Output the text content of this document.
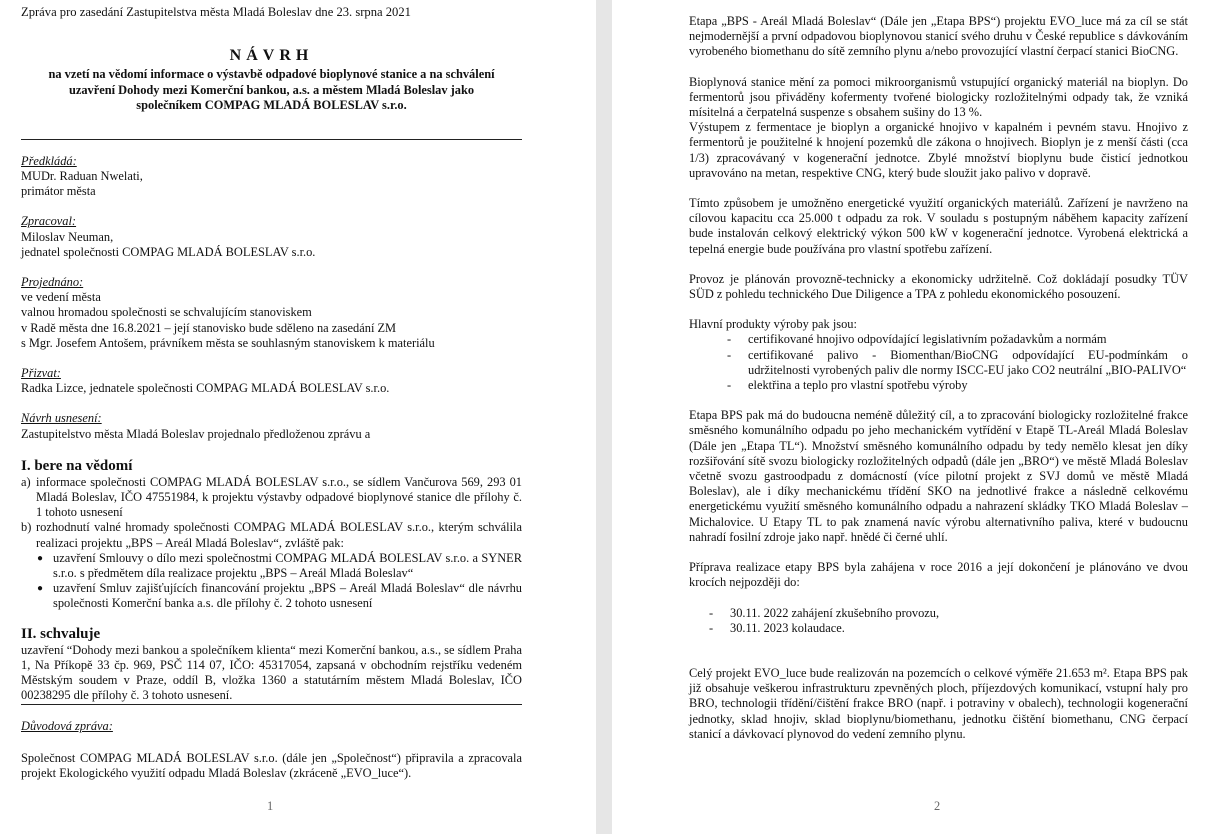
Zpráva pro zasedání Zastupitelstva města Mladá Boleslav dne 23. srpna 2021

NÁVRH

na vzetí na vědomí informace o výstavbě odpadové bioplynové stanice a na schválení

uzavření Dohody mezi Komerční bankou, a.s. a městem Mladá Boleslav jako

společníkem COMPAG MLADÁ BOLESLAV s.r.o.

Předkládá:

MUDr. Raduan Nwelati,

primátor města

Zpracoval:

Miloslav Neuman,

jednatel společnosti COMPAG MLADÁ BOLESLAV s.r.o.

Projednáno:

ve vedení města

valnou hromadou společnosti se schvalujícím stanoviskem

v Radě města dne 16.8.2021 – její stanovisko bude sděleno na zasedání ZM

s Mgr. Josefem Antošem, právníkem města se souhlasným stanoviskem k materiálu

Přizvat:

Radka Lizce, jednatele společnosti COMPAG MLADÁ BOLESLAV s.r.o.

Návrh usnesení:

Zastupitelstvo města Mladá Boleslav projednalo předloženou zprávu a

I. bere na vědomí

a) informace společnosti COMPAG MLADÁ BOLESLAV s.r.o., se sídlem Vančurova 569, 293 01 Mladá Boleslav, IČO 47551984, k projektu výstavby odpadové bioplynové stanice dle přílohy č. 1 tohoto usnesení
b) rozhodnutí valné hromady společnosti COMPAG MLADÁ BOLESLAV s.r.o., kterým schválila realizaci projektu „BPS – Areál Mladá Boleslav“, zvláště pak:
● uzavření Smlouvy o dílo mezi společnostmi COMPAG MLADÁ BOLESLAV s.r.o. a SYNER s.r.o. s předmětem díla realizace projektu „BPS – Areál Mladá Boleslav“
● uzavření Smluv zajišťujících financování projektu „BPS – Areál Mladá Boleslav“ dle návrhu společnosti Komerční banka a.s. dle přílohy č. 2 tohoto usnesení

II. schvaluje

uzavření “Dohody mezi bankou a společníkem klienta“ mezi Komerční bankou, a.s., se sídlem Praha 1, Na Příkopě 33 čp. 969, PSČ 114 07, IČO: 45317054, zapsaná v obchodním rejstříku vedeném Městským soudem v Praze, oddíl B, vložka 1360 a statutárním městem Mladá Boleslav, IČO 00238295 dle přílohy č. 3 tohoto usnesení.

Důvodová zpráva:

Společnost COMPAG MLADÁ BOLESLAV s.r.o. (dále jen „Společnost“) připravila a zpracovala projekt Ekologického využití odpadu Mladá Boleslav (zkráceně „EVO_luce“).

1

Etapa „BPS - Areál Mladá Boleslav“ (Dále jen „Etapa BPS“) projektu EVO_luce má za cíl se stát nejmodernější a první odpadovou bioplynovou stanicí svého druhu v České republice s dávkováním vyrobeného biomethanu do sítě zemního plynu a/nebo provozující vlastní čerpací stanici BioCNG.

Bioplynová stanice mění za pomoci mikroorganismů vstupující organický materiál na bioplyn. Do fermentorů jsou přiváděny kofermenty tvořené biologicky rozložitelnými odpady tak, že vzniká mísitelná a čerpatelná suspenze s obsahem sušiny do 13 %.

Výstupem z fermentace je bioplyn a organické hnojivo v kapalném i pevném stavu. Hnojivo z fermentorů je použitelné k hnojení pozemků dle zákona o hnojivech. Bioplyn je z menší části (cca 1/3) zpracovávaný v kogenerační jednotce. Zbylé množství bioplynu bude čisticí jednotkou upravováno na metan, respektive CNG, který bude sloužit jako palivo v dopravě.

Tímto způsobem je umožněno energetické využití organických materiálů. Zařízení je navrženo na cílovou kapacitu cca 25.000 t odpadu za rok. V souladu s postupným náběhem kapacity zařízení bude instalován celkový elektrický výkon 500 kW v kogenerační jednotce. Vyrobená elektrická a tepelná energie bude používána pro vlastní spotřebu zařízení.

Provoz je plánován provozně-technicky a ekonomicky udržitelně. Což dokládají posudky TÜV SÜD z pohledu technického Due Diligence a TPA z pohledu ekonomického posouzení.

Hlavní produkty výroby pak jsou:

-	certifikované hnojivo odpovídající legislativním požadavkům a normám
-	certifikované palivo - Biomenthan/BioCNG odpovídající EU-podmínkám o udržitelnosti vyrobených paliv dle normy ISCC-EU jako CO2 neutrální „BIO-PALIVO“
-	elektřina a teplo pro vlastní spotřebu výroby

Etapa BPS pak má do budoucna neméně důležitý cíl, a to zpracování biologicky rozložitelné frakce směsného komunálního odpadu po jeho mechanickém vytřídění v Etapě TL-Areál Mladá Boleslav (Dále jen „Etapa TL“). Množství směsného komunálního odpadu by tedy nemělo klesat jen díky rozšiřování sítě svozu biologicky rozložitelných odpadů (dále jen „BRO“) ve městě Mladá Boleslav včetně svozu gastroodpadu z domácností (více pilotní projekt z SVJ domů ve městě Mladá Boleslav), ale i díky mechanickému třídění SKO na jednotlivé frakce a následně celkovému energetickému využití směsného komunálního odpadu a nahrazení skládky TKO Mladá Boleslav – Michalovice. U Etapy TL to pak znamená navíc výrobu alternativního paliva, které v budoucnu nahradí fosilní zdroje jako např. hnědé či černé uhlí.

Příprava realizace etapy BPS byla zahájena v roce 2016 a její dokončení je plánováno ve dvou krocích nejpozději do:

-	30.11. 2022 zahájení zkušebního provozu,
-	30.11. 2023 kolaudace.

Celý projekt EVO_luce bude realizován na pozemcích o celkové výměře 21.653 m². Etapa BPS pak již obsahuje veškerou infrastrukturu zpevněných ploch, příjezdových komunikací, vstupní haly pro BRO, technologii třídění/čištění frakce BRO (např. i potraviny v obalech), technologii kogenerační jednotky, sklad hnojiv, sklad bioplynu/biomethanu, jednotku čištění biomethanu, CNG čerpací stanicí a dávkovací plynovod do vedení zemního plynu.

2
